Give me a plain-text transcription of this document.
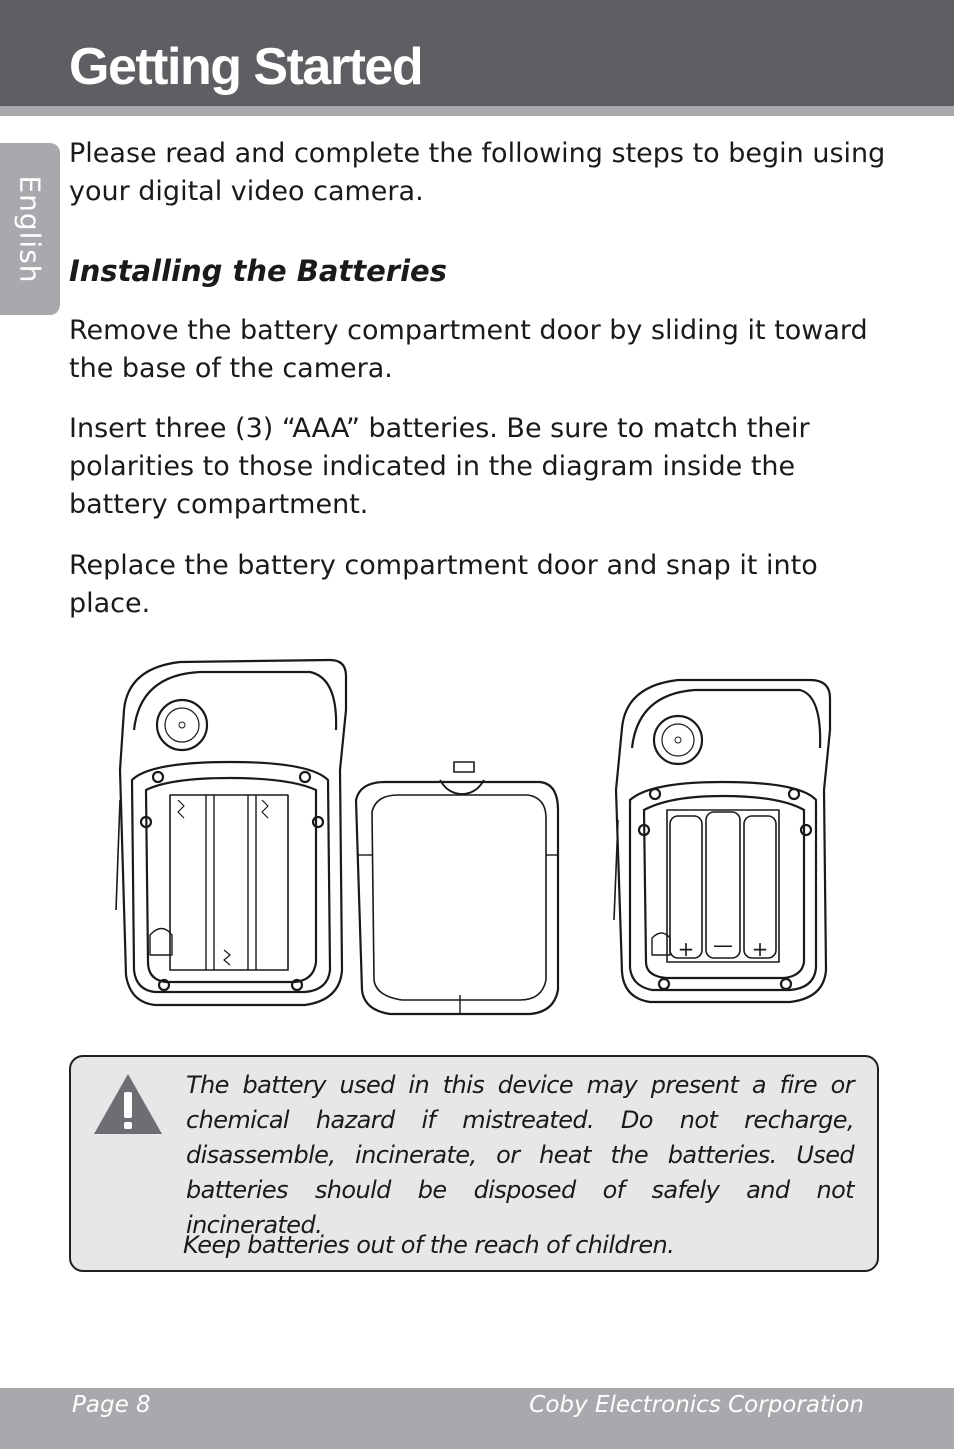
Getting Started
English

Please read and complete the following steps to begin using your digital video camera.

Installing the Batteries

Remove the battery compartment door by sliding it toward the base of the camera.

Insert three (3) “AAA” batteries. Be sure to match their polarities to those indicated in the diagram inside the battery compartment.

Replace the battery compartment door and snap it into place.

+ — +

The battery used in this device may present a fire or chemical hazard if mistreated. Do not recharge, disassemble, incinerate, or heat the batteries. Used batteries should be disposed of safely and not incinerated.

Keep batteries out of the reach of children.

Page 8	Coby Electronics Corporation
